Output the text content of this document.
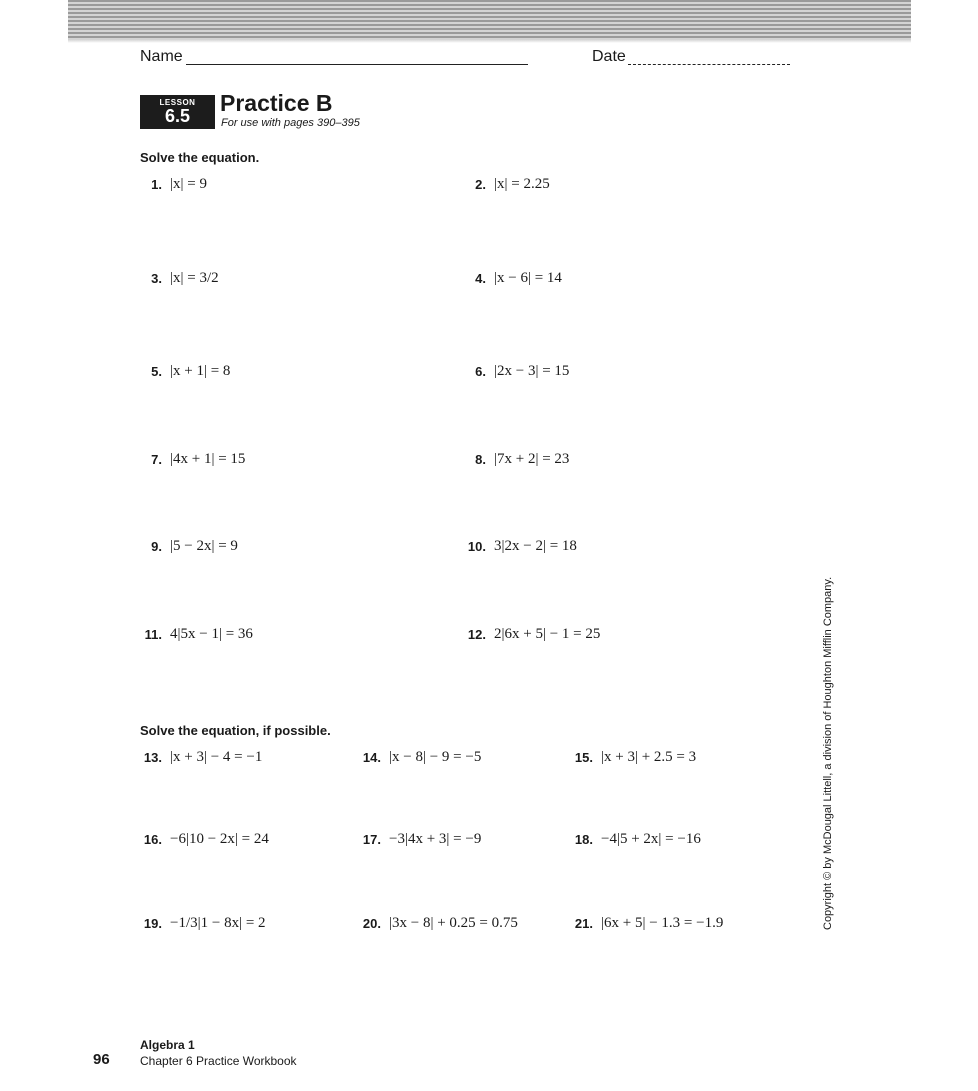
Name	Date
LESSON
6.5	Practice B
For use with pages 390–395
Solve the equation.
1. |x| = 9	2. |x| = 2.25
3. |x| = 3/2	4. |x − 6| = 14
5. |x + 1| = 8	6. |2x − 3| = 15
7. |4x + 1| = 15	8. |7x + 2| = 23
9. |5 − 2x| = 9	10. 3|2x − 2| = 18
11. 4|5x − 1| = 36	12. 2|6x + 5| − 1 = 25
Solve the equation, if possible.
13. |x + 3| − 4 = −1	14. |x − 8| − 9 = −5	15. |x + 3| + 2.5 = 3
16. −6|10 − 2x| = 24	17. −3|4x + 3| = −9	18. −4|5 + 2x| = −16
19. −1/3|1 − 8x| = 2	20. |3x − 8| + 0.25 = 0.75	21. |6x + 5| − 1.3 = −1.9	Copyright © by McDougal Littell, a division of Houghton Mifflin Company.
96
Algebra 1
Chapter 6 Practice Workbook
